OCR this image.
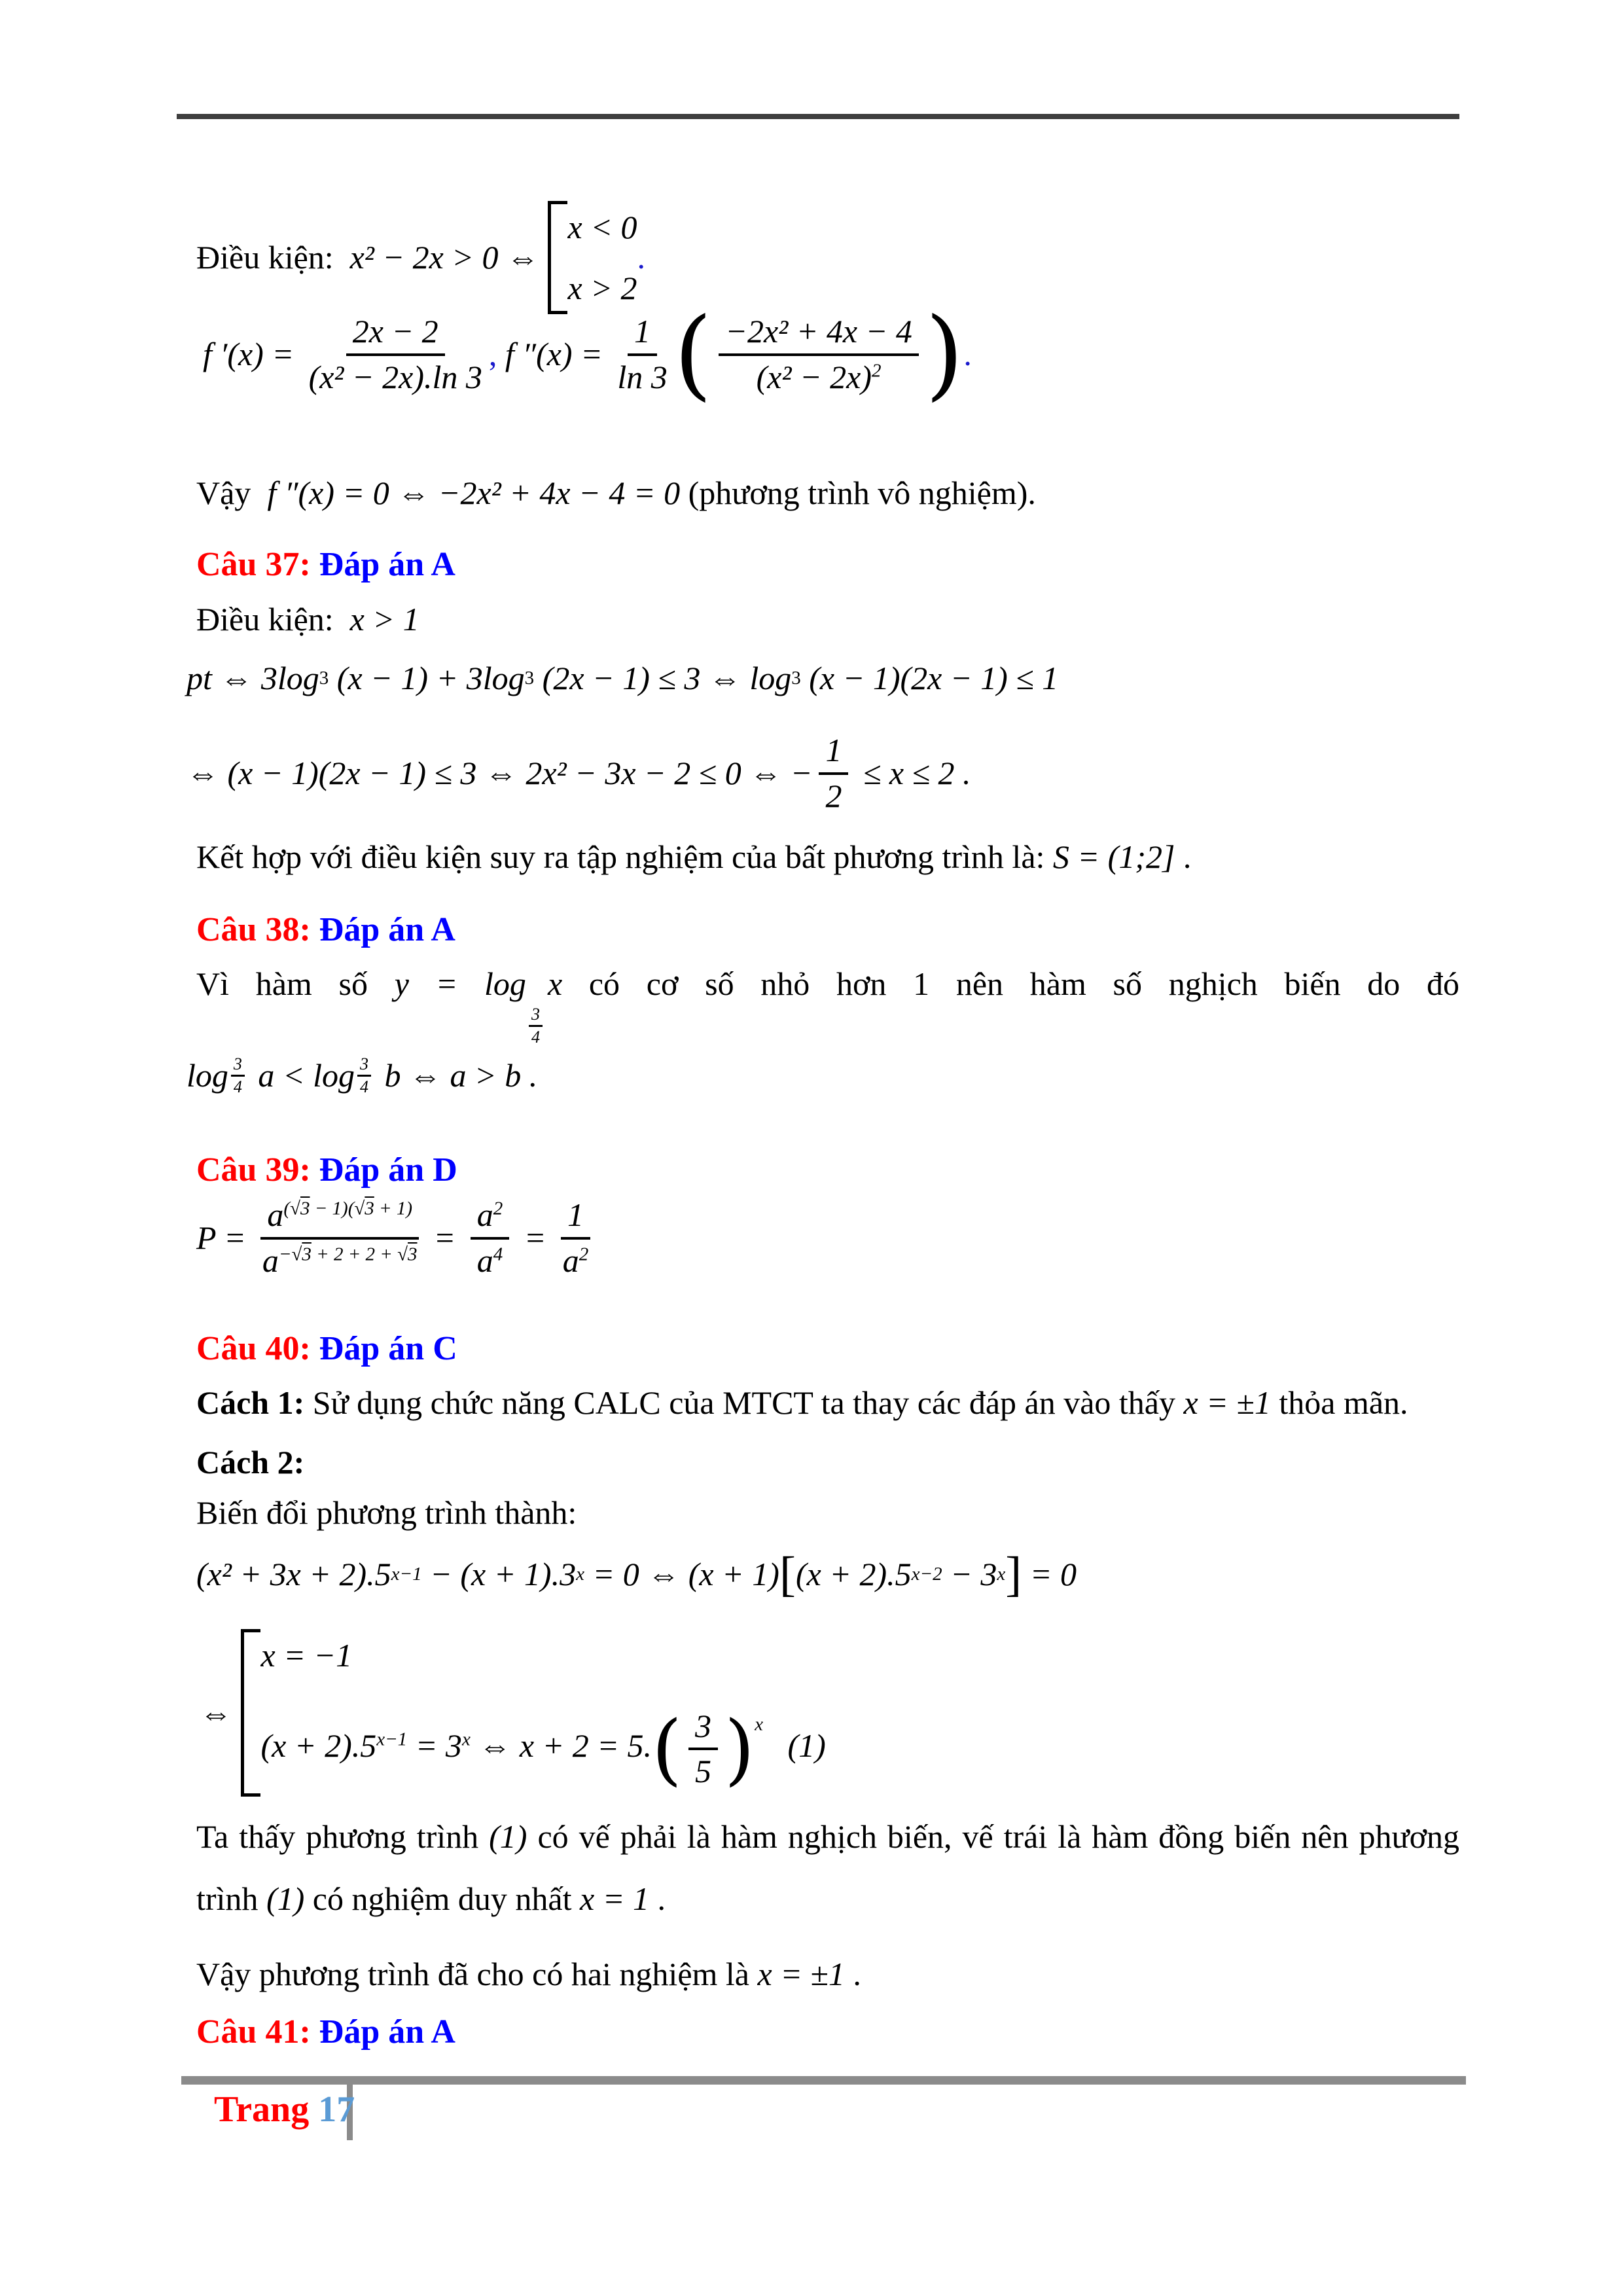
Điều kiện: x² − 2x > 0 ⇔
x < 0
x > 2
.
f $'(x) = \frac{2x - 2}{\text{(x² − 2x).ln 3}}$ , f $''(x) = \frac{1}{\ln 3}$ ( $\frac{\text{−2x² + 4x − 4}}{(x^2 - 2x)^2}$ ) .
Vậy f ″(x) = 0 ⇔ −2x² + 4x − 4 = 0 (phương trình vô nghiệm).
Câu 37: Đáp án A
Điều kiện: x > 1
pt ⇔ 3log 3 (x − 1) + 3log 3 (2x − 1) ≤ 3 ⇔ log 3 (x − 1)(2x − 1) ≤ 1
⇔ (x − 1)(2x − 1) ≤ 3 ⇔ 2x² − 3x − 2 ≤ 0 ⇔ − $\frac{1}{2} \le x \le 2$ .
Kết hợp với điều kiện suy ra tập nghiệm của bất phương trình là: S = (1;2] .
Câu 38: Đáp án A
Vì hàm số y = log
$\frac{3}{4}$
x có cơ số nhỏ hơn 1 nên hàm số nghịch biến do đó
$\log \frac{3}{4}$ $a < \log \frac{3}{4}$ b ⇔ a > b .
Câu 39: Đáp án D
$P = \frac{a^{(√3 - 1)(√3 + 1)}}{a^{-√3 + 2 + 2 + √3}} = \frac{a^2}{a^4} = \frac{1}{a^2}$
Câu 40: Đáp án C
Cách 1: Sử dụng chức năng CALC của MTCT ta thay các đáp án vào thấy x = ±1 thỏa mãn.
Cách 2:
Biến đổi phương trình thành:
(x² + 3x + 2).5 x−1 − (x + 1).3 x = 0 ⇔ (x + 1) [ (x + 2).5 x−2 − 3 x ] = 0
⇔
x = −1
$(x + 2).5^{x-1} = 3^x$ ⇔ $x + 2 = 5.( \frac{3}{5} )^x$   (1)
Ta thấy phương trình (1) có vế phải là hàm nghịch biến, vế trái là hàm đồng biến nên phương
trình (1) có nghiệm duy nhất x = 1 .
Vậy phương trình đã cho có hai nghiệm là x = ±1 .
Câu 41: Đáp án A
Trang 17
